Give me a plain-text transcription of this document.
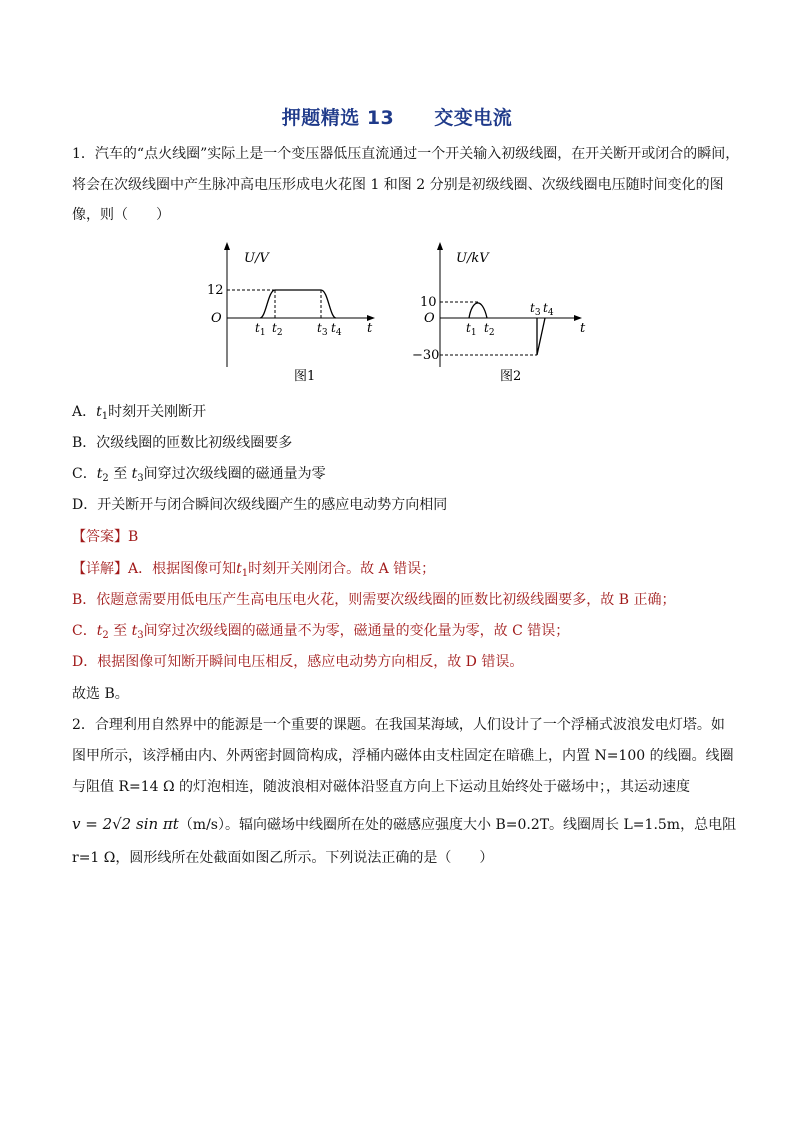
押题精选 13 交变电流
1．汽车的“点火线圈”实际上是一个变压器低压直流通过一个开关输入初级线圈，在开关断开或闭合的瞬间，
将会在次级线圈中产生脉冲高电压形成电火花图 1 和图 2 分别是初级线圈、次级线圈电压随时间变化的图
像，则（　　）
U/V
O
12
t
$t_1$ $t_2$	$t_3$ $t_4$
图1
U/kV
O
10
−30
t
$t_1$ $t_2$
$t_3$ $t_4$
图2
A．$t_1$时刻开关刚断开
B．次级线圈的匝数比初级线圈要多
C．$t_2$ 至 $t_3$间穿过次级线圈的磁通量为零
D．开关断开与闭合瞬间次级线圈产生的感应电动势方向相同
【答案】B
【详解】A．根据图像可知$t_1$时刻开关刚闭合。故 A 错误；
B．依题意需要用低电压产生高电压电火花，则需要次级线圈的匝数比初级线圈要多，故 B 正确；
C．$t_2$ 至 $t_3$间穿过次级线圈的磁通量不为零，磁通量的变化量为零，故 C 错误；
D．根据图像可知断开瞬间电压相反，感应电动势方向相反，故 D 错误。
故选 B。
2．合理利用自然界中的能源是一个重要的课题。在我国某海域，人们设计了一个浮桶式波浪发电灯塔。如
图甲所示，该浮桶由内、外两密封圆筒构成，浮桶内磁体由支柱固定在暗礁上，内置 N=100 的线圈。线圈
与阻值 R=14 Ω 的灯泡相连，随波浪相对磁体沿竖直方向上下运动且始终处于磁场中；，其运动速度
v = 2√2 sin πt（m/s）。辐向磁场中线圈所在处的磁感应强度大小 B=0.2T。线圈周长 L=1.5m，总电阻
r=1 Ω，圆形线所在处截面如图乙所示。下列说法正确的是（　　）
